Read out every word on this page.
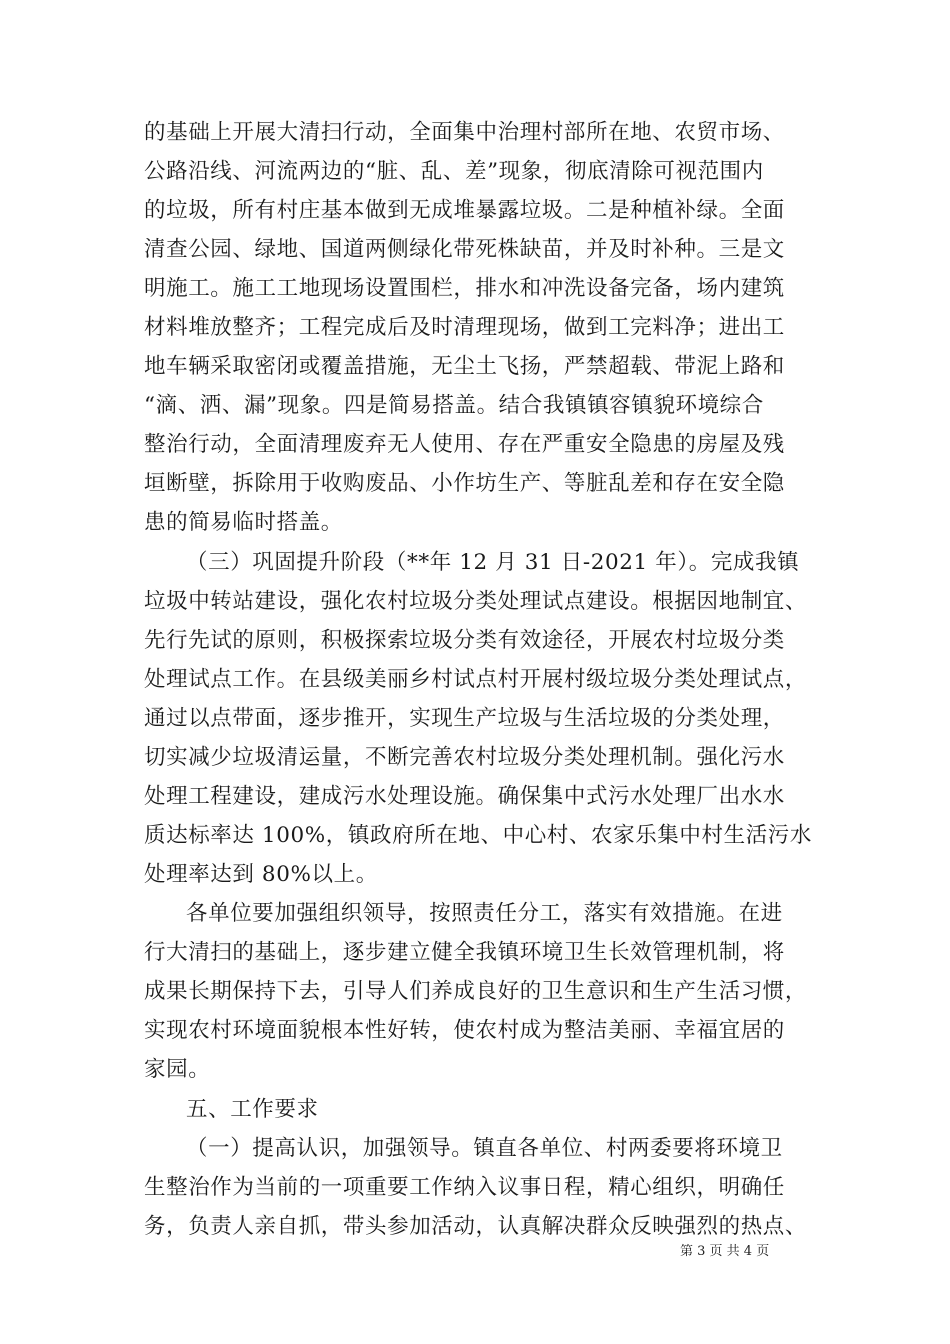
的基础上开展大清扫行动，全面集中治理村部所在地、农贸市场、
公路沿线、河流两边的“脏、乱、差”现象，彻底清除可视范围内
的垃圾，所有村庄基本做到无成堆暴露垃圾。二是种植补绿。全面
清查公园、绿地、国道两侧绿化带死株缺苗，并及时补种。三是文
明施工。施工工地现场设置围栏，排水和冲洗设备完备，场内建筑
材料堆放整齐；工程完成后及时清理现场，做到工完料净；进出工
地车辆采取密闭或覆盖措施，无尘土飞扬，严禁超载、带泥上路和
“滴、洒、漏”现象。四是简易搭盖。结合我镇镇容镇貌环境综合
整治行动，全面清理废弃无人使用、存在严重安全隐患的房屋及残
垣断壁，拆除用于收购废品、小作坊生产、等脏乱差和存在安全隐
患的简易临时搭盖。
（三）巩固提升阶段（**年 12 月 31 日-2021 年）。完成我镇
垃圾中转站建设，强化农村垃圾分类处理试点建设。根据因地制宜、
先行先试的原则，积极探索垃圾分类有效途径，开展农村垃圾分类
处理试点工作。在县级美丽乡村试点村开展村级垃圾分类处理试点，
通过以点带面，逐步推开，实现生产垃圾与生活垃圾的分类处理，
切实减少垃圾清运量，不断完善农村垃圾分类处理机制。强化污水
处理工程建设，建成污水处理设施。确保集中式污水处理厂出水水
质达标率达 100%，镇政府所在地、中心村、农家乐集中村生活污水
处理率达到 80%以上。
各单位要加强组织领导，按照责任分工，落实有效措施。在进
行大清扫的基础上，逐步建立健全我镇环境卫生长效管理机制，将
成果长期保持下去，引导人们养成良好的卫生意识和生产生活习惯，
实现农村环境面貌根本性好转，使农村成为整洁美丽、幸福宜居的
家园。
五、工作要求
（一）提高认识，加强领导。镇直各单位、村两委要将环境卫
生整治作为当前的一项重要工作纳入议事日程，精心组织，明确任
务，负责人亲自抓，带头参加活动，认真解决群众反映强烈的热点、
第 3 页 共 4 页
